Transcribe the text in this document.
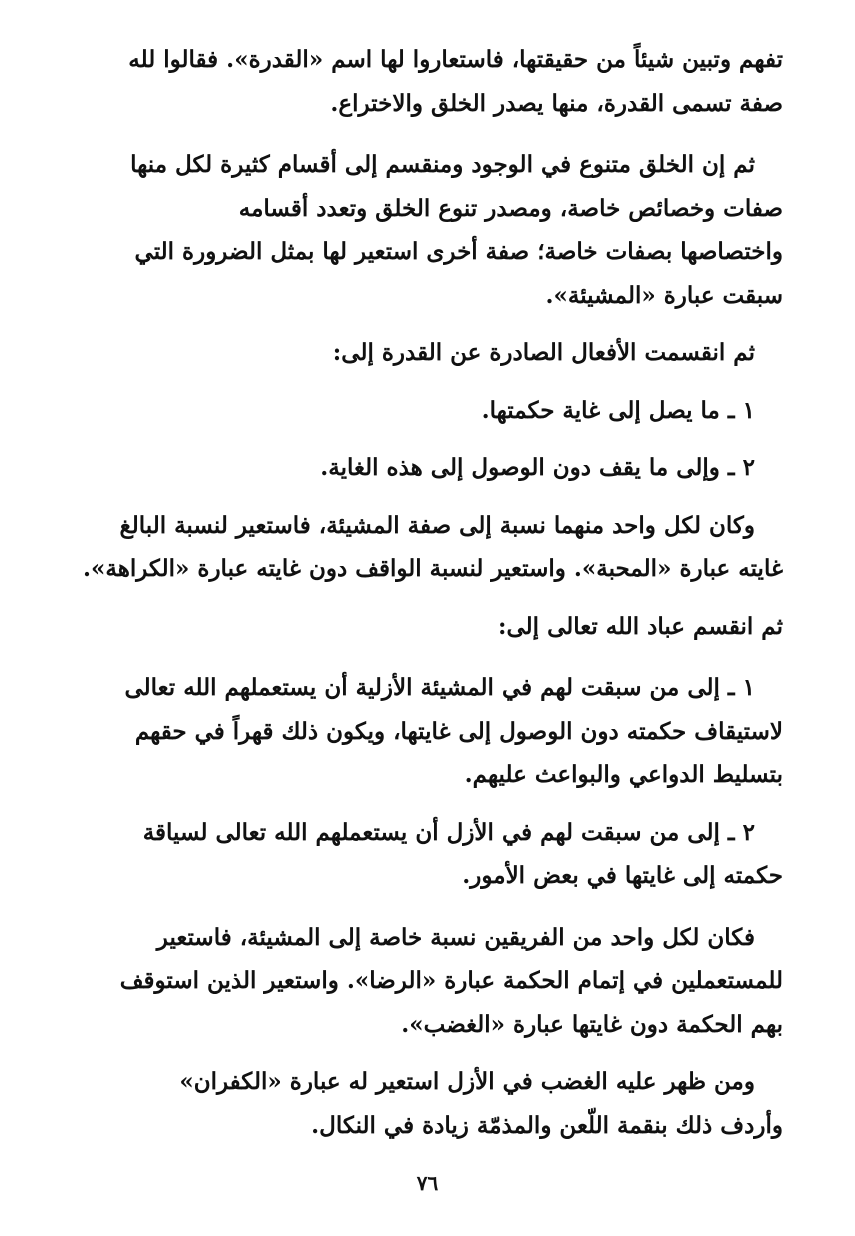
تفهم وتبين شيئاً من حقيقتها، فاستعاروا لها اسم «القدرة». فقالوا لله
صفة تسمى القدرة، منها يصدر الخلق والاختراع.
ثم إن الخلق متنوع في الوجود ومنقسم إلى أقسام كثيرة لكل منها
صفات وخصائص خاصة، ومصدر تنوع الخلق وتعدد أقسامه
واختصاصها بصفات خاصة؛ صفة أخرى استعير لها بمثل الضرورة التي
سبقت عبارة «المشيئة».
ثم انقسمت الأفعال الصادرة عن القدرة إلى:
١ ـ ما يصل إلى غاية حكمتها.
٢ ـ وإلى ما يقف دون الوصول إلى هذه الغاية.
وكان لكل واحد منهما نسبة إلى صفة المشيئة، فاستعير لنسبة البالغ
غايته عبارة «المحبة». واستعير لنسبة الواقف دون غايته عبارة «الكراهة».
ثم انقسم عباد الله تعالى إلى:
١ ـ إلى من سبقت لهم في المشيئة الأزلية أن يستعملهم الله تعالى
لاستيقاف حكمته دون الوصول إلى غايتها، ويكون ذلك قهراً في حقهم
بتسليط الدواعي والبواعث عليهم.
٢ ـ إلى من سبقت لهم في الأزل أن يستعملهم الله تعالى لسياقة
حكمته إلى غايتها في بعض الأمور.
فكان لكل واحد من الفريقين نسبة خاصة إلى المشيئة، فاستعير
للمستعملين في إتمام الحكمة عبارة «الرضا». واستعير الذين استوقف
بهم الحكمة دون غايتها عبارة «الغضب».
ومن ظهر عليه الغضب في الأزل استعير له عبارة «الكفران»
وأردف ذلك بنقمة اللّعن والمذمّة زيادة في النكال.
٧٦
